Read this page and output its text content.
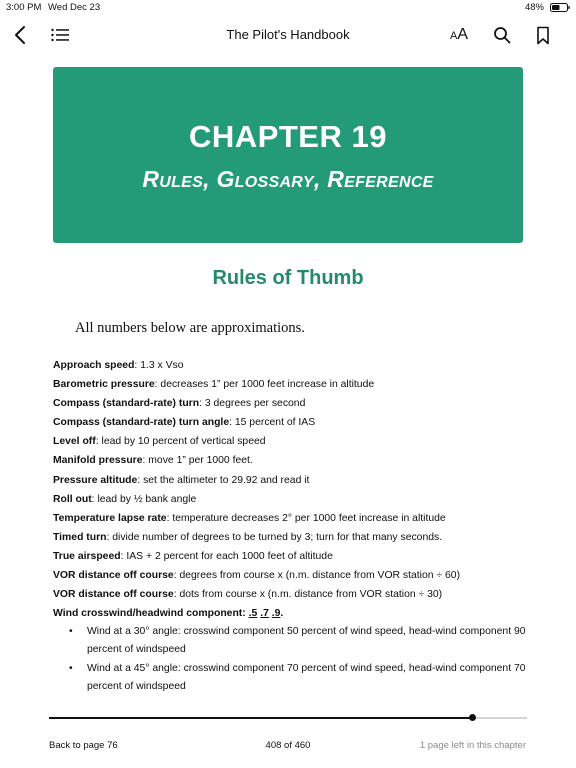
3:00 PM Wed Dec 23	48%
The Pilot's Handbook	AA
CHAPTER 19
Rules, Glossary, Reference
Rules of Thumb
All numbers below are approximations.
Approach speed: 1.3 x Vso
Barometric pressure: decreases 1” per 1000 feet increase in altitude
Compass (standard-rate) turn: 3 degrees per second
Compass (standard-rate) turn angle: 15 percent of IAS
Level off: lead by 10 percent of vertical speed
Manifold pressure: move 1” per 1000 feet.
Pressure altitude: set the altimeter to 29.92 and read it
Roll out: lead by ½ bank angle
Temperature lapse rate: temperature decreases 2° per 1000 feet increase in altitude
Timed turn: divide number of degrees to be turned by 3; turn for that many seconds.
True airspeed: IAS + 2 percent for each 1000 feet of altitude
VOR distance off course: degrees from course x (n.m. distance from VOR station ÷ 60)
VOR distance off course: dots from course x (n.m. distance from VOR station ÷ 30)
Wind crosswind/headwind component: .5 .7 .9.
• Wind at a 30° angle: crosswind component 50 percent of wind speed, head-wind component 90 percent of windspeed
• Wind at a 45° angle: crosswind component 70 percent of wind speed, head-wind component 70 percent of windspeed
Back to page 76	408 of 460	1 page left in this chapter
